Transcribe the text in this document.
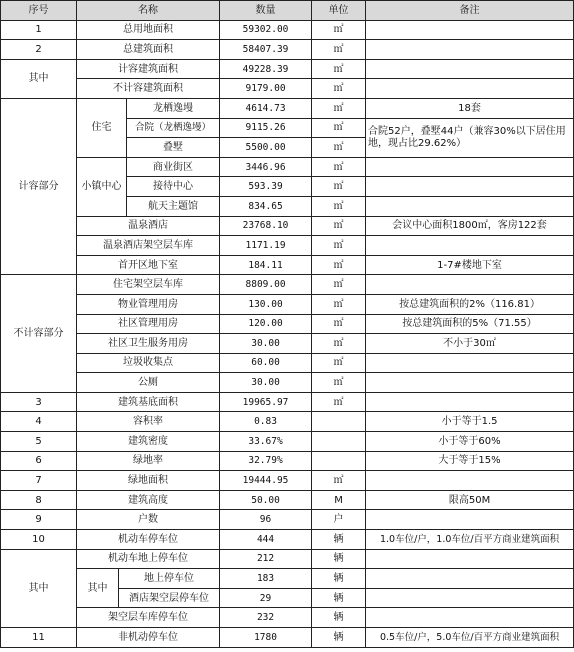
序号	名称			数量	单位	备注
1	总用地面积			59302.00	㎡	
2	总建筑面积			58407.39	㎡	
其中	计容建筑面积			49228.39	㎡	
	不计容建筑面积			9179.00	㎡	
计容部分	住宅		龙栖逸墁	4614.73	㎡	18套
			合院（龙栖逸墁）	9115.26	㎡	合院52户，叠墅44户（兼容30%以下居住用地，现占比29.62%）
			叠墅	5500.00	㎡	
	小镇中心		商业街区	3446.96	㎡	
			接待中心	593.39	㎡	
			航天主题馆	834.65	㎡	
	温泉酒店			23768.10	㎡	会议中心面积1800㎡，客房122套
	温泉酒店架空层车库			1171.19	㎡	
	首开区地下室			184.11	㎡	1-7#楼地下室
不计容部分	住宅架空层车库			8809.00	㎡	
	物业管理用房			130.00	㎡	按总建筑面积的2%（116.81）
	社区管理用房			120.00	㎡	按总建筑面积的5%（71.55）
	社区卫生服务用房			30.00	㎡	不小于30㎡
	垃圾收集点			60.00	㎡	
	公厕			30.00	㎡	
3	建筑基底面积			19965.97	㎡	
4	容积率			0.83		小于等于1.5
5	建筑密度			33.67%		小于等于60%
6	绿地率			32.79%		大于等于15%
7	绿地面积			19444.95	㎡	
8	建筑高度			50.00	M	限高50M
9	户数			96	户	
10	机动车停车位			444	辆	1.0车位/户，1.0车位/百平方商业建筑面积
其中	机动车地上停车位			212	辆	
	其中	地上停车位		183	辆	
		酒店架空层停车位		29	辆	
	架空层车库停车位			232	辆	
11	非机动停车位			1780	辆	0.5车位/户，5.0车位/百平方商业建筑面积
